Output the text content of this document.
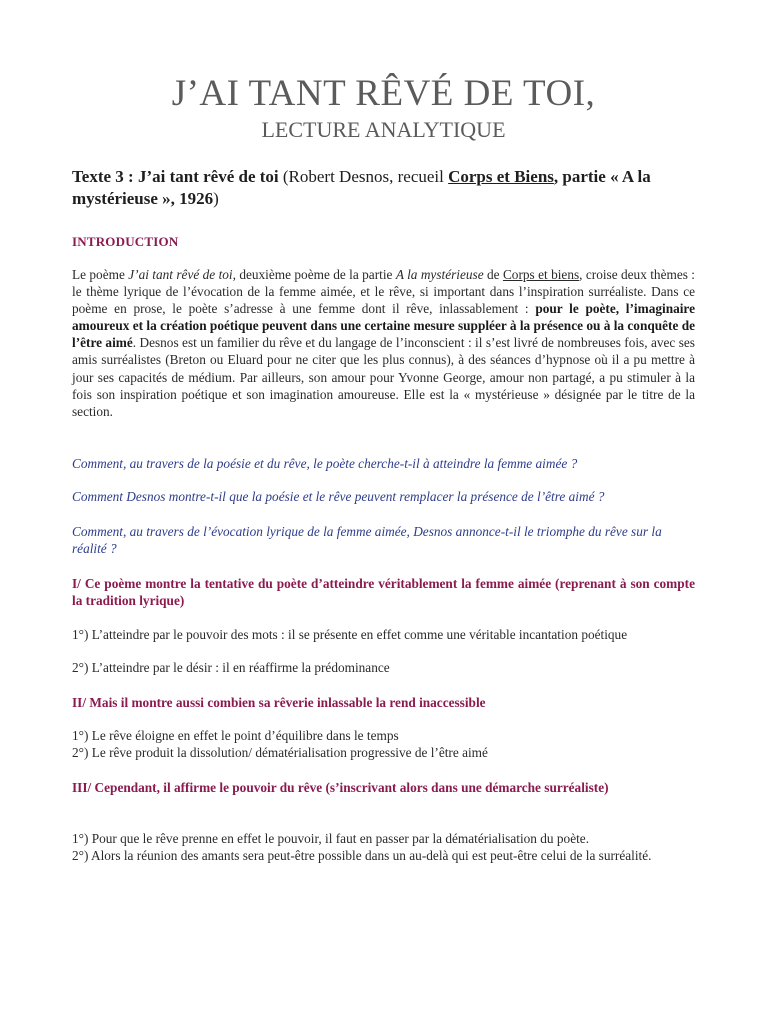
J’AI TANT RÊVÉ DE TOI,
LECTURE ANALYTIQUE

Texte 3 : J’ai tant rêvé de toi (Robert Desnos, recueil Corps et Biens, partie « A la mystérieuse », 1926)

INTRODUCTION

Le poème J’ai tant rêvé de toi, deuxième poème de la partie A la mystérieuse de Corps et biens, croise deux thèmes : le thème lyrique de l’évocation de la femme aimée, et le rêve, si important dans l’inspiration surréaliste. Dans ce poème en prose, le poète s’adresse à une femme dont il rêve, inlassablement : pour le poète, l’imaginaire amoureux et la création poétique peuvent dans une certaine mesure suppléer à la présence ou à la conquête de l’être aimé. Desnos est un familier du rêve et du langage de l’inconscient : il s’est livré de nombreuses fois, avec ses amis surréalistes (Breton ou Eluard pour ne citer que les plus connus), à des séances d’hypnose où il a pu mettre à jour ses capacités de médium. Par ailleurs, son amour pour Yvonne George, amour non partagé, a pu stimuler à la fois son inspiration poétique et son imagination amoureuse. Elle est la « mystérieuse » désignée par le titre de la section.

Comment, au travers de la poésie et du rêve, le poète cherche-t-il à atteindre la femme aimée ?

Comment Desnos montre-t-il que la poésie et le rêve peuvent remplacer la présence de l’être aimé ?

Comment, au travers de l’évocation lyrique de la femme aimée, Desnos annonce-t-il le triomphe du rêve sur la réalité ?

I/ Ce poème montre la tentative du poète d’atteindre véritablement la femme aimée (reprenant à son compte la tradition lyrique)

1°) L’atteindre par le pouvoir des mots : il se présente en effet comme une véritable incantation poétique

2°) L’atteindre par le désir : il en réaffirme la prédominance

II/ Mais il montre aussi combien sa rêverie inlassable la rend inaccessible

1°) Le rêve éloigne en effet le point d’équilibre dans le temps

2°) Le rêve produit la dissolution/ dématérialisation progressive de l’être aimé

III/ Cependant, il affirme le pouvoir du rêve (s’inscrivant alors dans une démarche surréaliste)

1°) Pour que le rêve prenne en effet le pouvoir, il faut en passer par la dématérialisation du poète.

2°) Alors la réunion des amants sera peut-être possible dans un au-delà qui est peut-être celui de la surréalité.
